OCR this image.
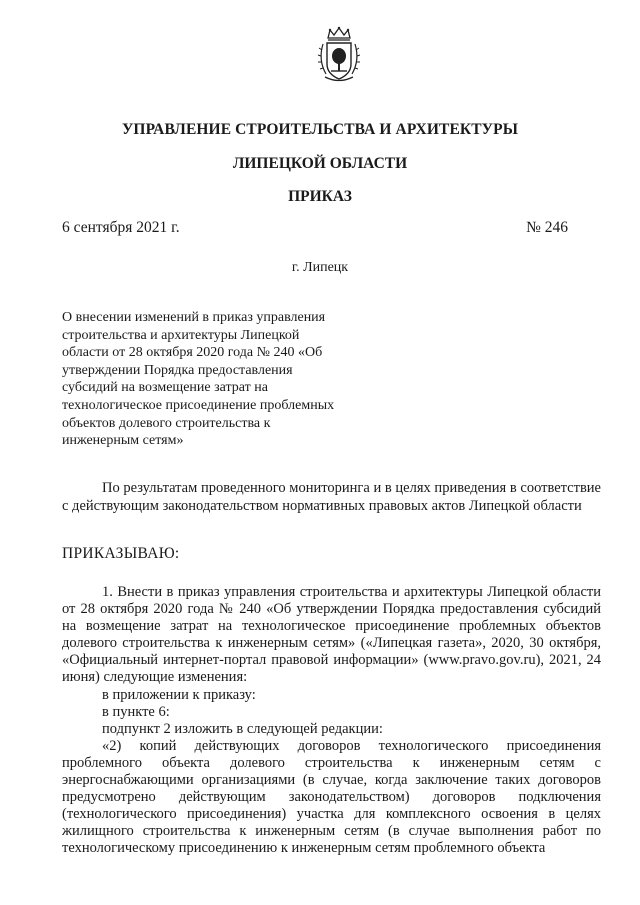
УПРАВЛЕНИЕ СТРОИТЕЛЬСТВА И АРХИТЕКТУРЫ
ЛИПЕЦКОЙ ОБЛАСТИ
ПРИКАЗ
6 сентября 2021 г.	№ 246
г. Липецк
О внесении изменений в приказ управления строительства и архитектуры Липецкой области от 28 октября 2020 года № 240 «Об утверждении Порядка предоставления субсидий на возмещение затрат на технологическое присоединение проблемных объектов долевого строительства к инженерным сетям»
По результатам проведенного мониторинга и в целях приведения в соответствие с действующим законодательством нормативных правовых актов Липецкой области
ПРИКАЗЫВАЮ:

1. Внести в приказ управления строительства и архитектуры Липецкой области от 28 октября 2020 года № 240 «Об утверждении Порядка предоставления субсидий на возмещение затрат на технологическое присоединение проблемных объектов долевого строительства к инженерным сетям» («Липецкая газета», 2020, 30 октября, «Официальный интернет-портал правовой информации» (www.pravo.gov.ru), 2021, 24 июня) следующие изменения:

в приложении к приказу:

в пункте 6:

подпункт 2 изложить в следующей редакции:

«2) копий действующих договоров технологического присоединения проблемного объекта долевого строительства к инженерным сетям с энергоснабжающими организациями (в случае, когда заключение таких договоров предусмотрено действующим законодательством) договоров подключения (технологического присоединения) участка для комплексного освоения в целях жилищного строительства к инженерным сетям (в случае выполнения работ по технологическому присоединению к инженерным сетям проблемного объекта
